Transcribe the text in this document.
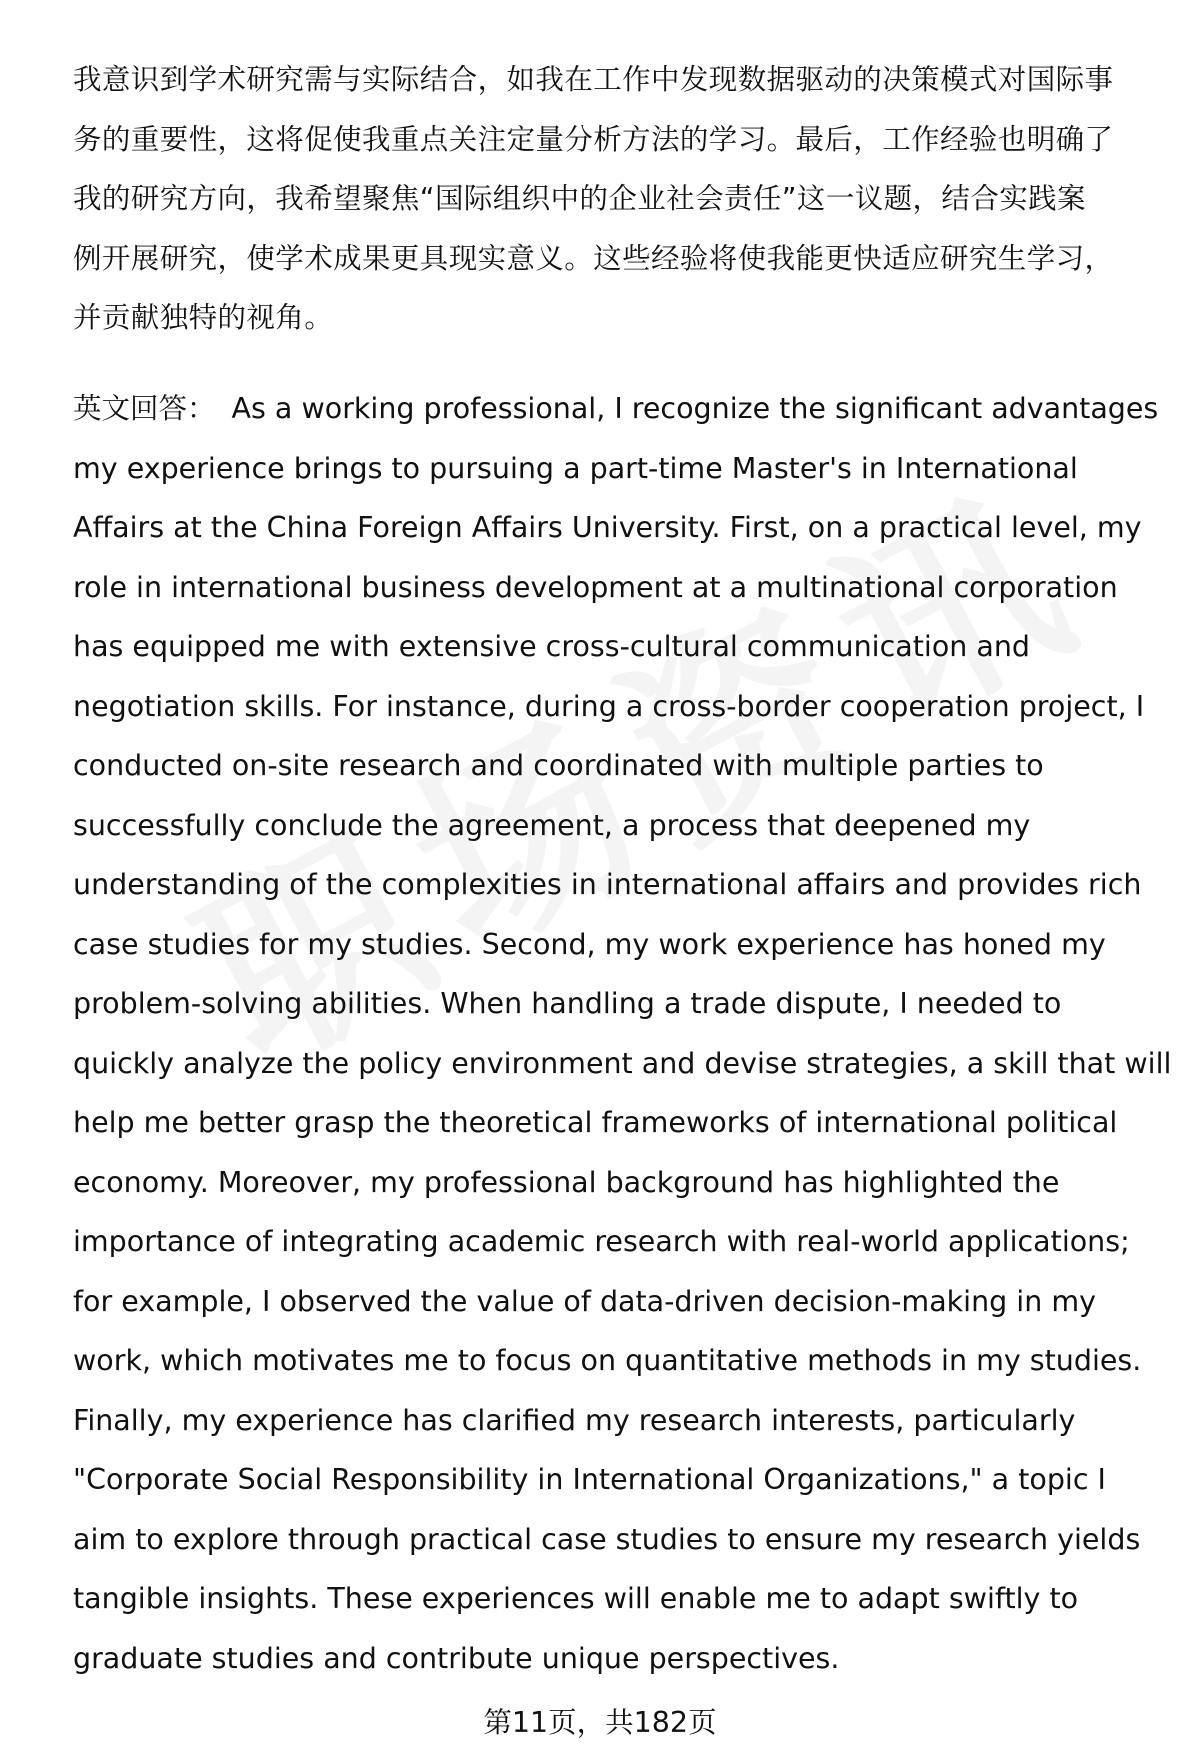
我意识到学术研究需与实际结合，如我在工作中发现数据驱动的决策模式对国际事
务的重要性，这将促使我重点关注定量分析方法的学习。最后，工作经验也明确了
我的研究方向，我希望聚焦“国际组织中的企业社会责任”这一议题，结合实践案
例开展研究，使学术成果更具现实意义。这些经验将使我能更快适应研究生学习，
并贡献独特的视角。
英文回答： As a working professional, I recognize the significant advantages
my experience brings to pursuing a part-time Master's in International
Affairs at the China Foreign Affairs University. First, on a practical level, my
role in international business development at a multinational corporation
has equipped me with extensive cross-cultural communication and
negotiation skills. For instance, during a cross-border cooperation project, I
conducted on-site research and coordinated with multiple parties to
successfully conclude the agreement, a process that deepened my
understanding of the complexities in international affairs and provides rich
case studies for my studies. Second, my work experience has honed my
problem-solving abilities. When handling a trade dispute, I needed to
quickly analyze the policy environment and devise strategies, a skill that will
help me better grasp the theoretical frameworks of international political
economy. Moreover, my professional background has highlighted the
importance of integrating academic research with real-world applications;
for example, I observed the value of data-driven decision-making in my
work, which motivates me to focus on quantitative methods in my studies.
Finally, my experience has clarified my research interests, particularly
"Corporate Social Responsibility in International Organizations," a topic I
aim to explore through practical case studies to ensure my research yields
tangible insights. These experiences will enable me to adapt swiftly to
graduate studies and contribute unique perspectives.
第11页，共182页
